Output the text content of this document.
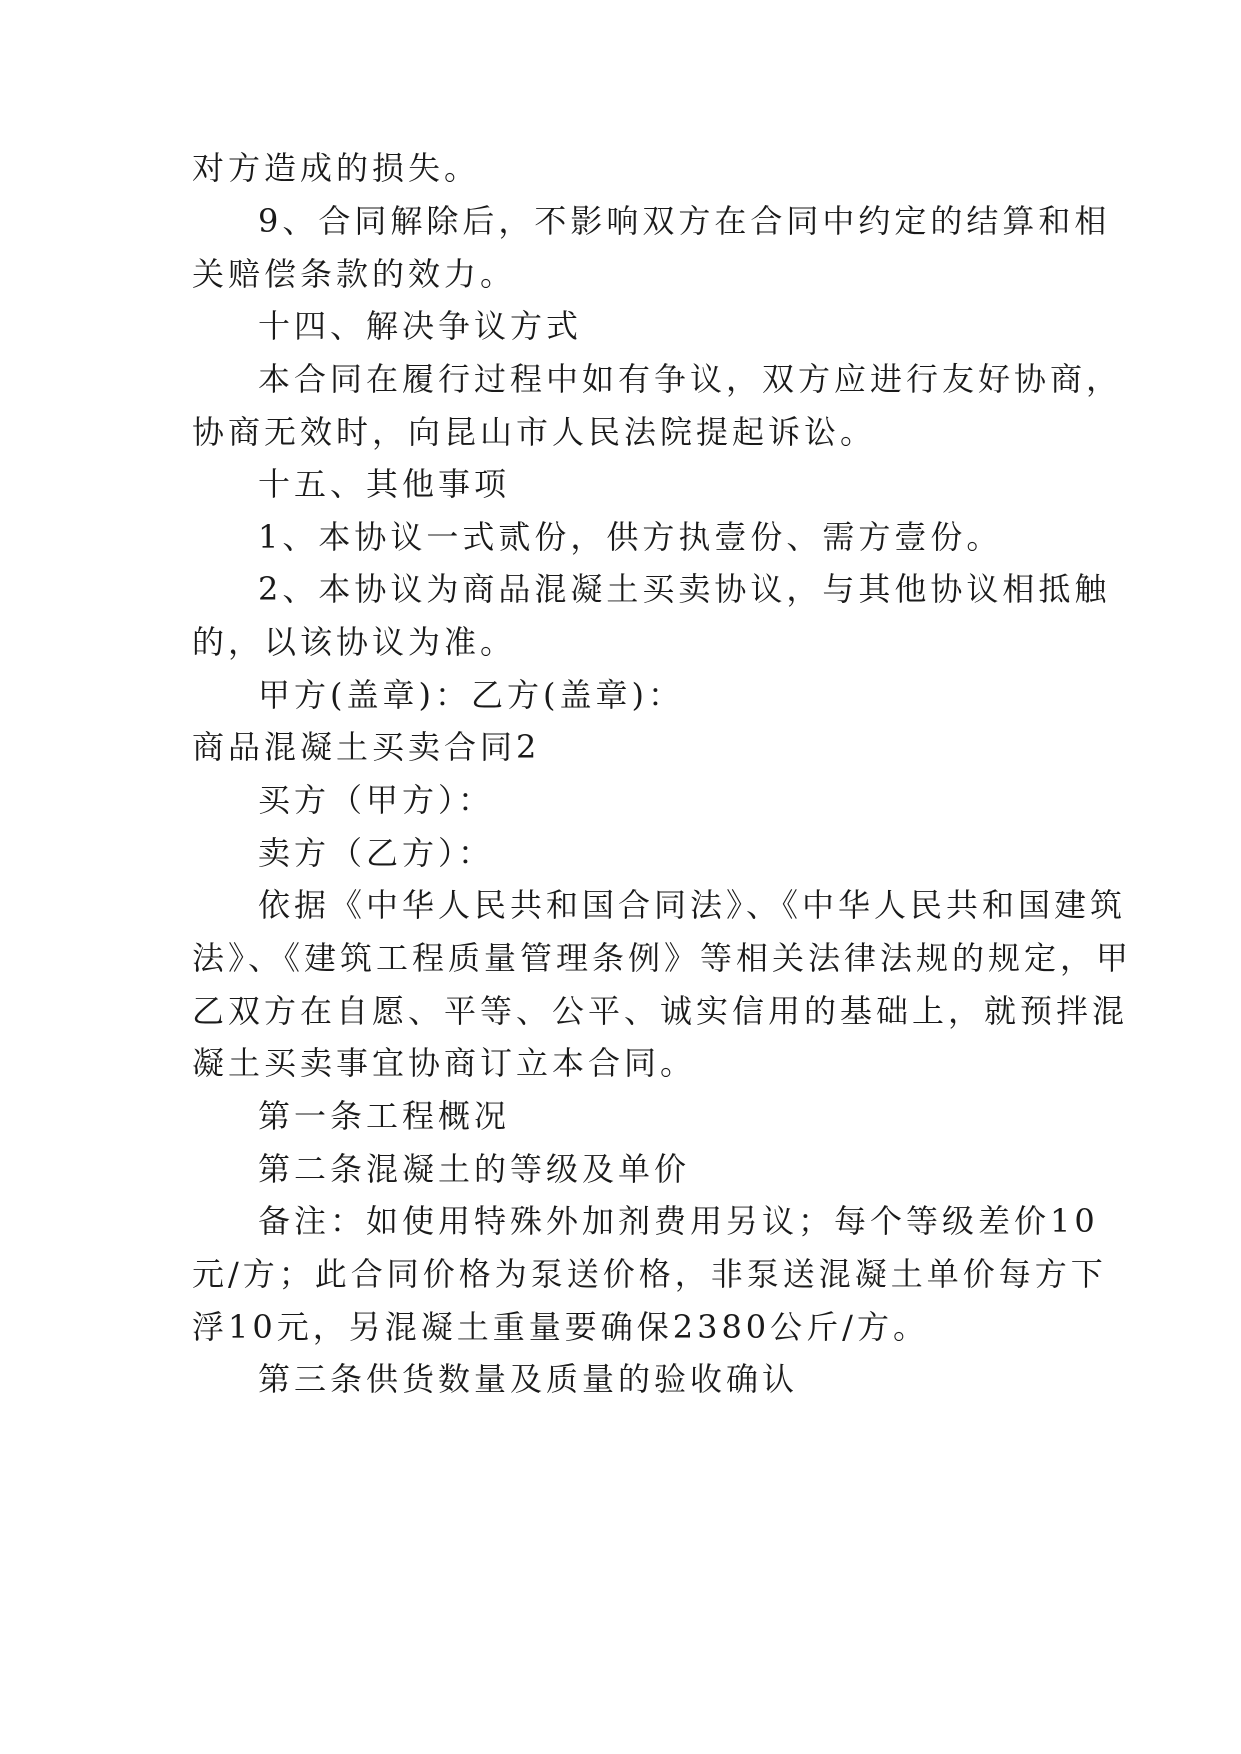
对方造成的损失。
9、合同解除后，不影响双方在合同中约定的结算和相
关赔偿条款的效力。
十四、解决争议方式
本合同在履行过程中如有争议，双方应进行友好协商，
协商无效时，向昆山市人民法院提起诉讼。
十五、其他事项
1、本协议一式贰份，供方执壹份、需方壹份。
2、本协议为商品混凝土买卖协议，与其他协议相抵触
的，以该协议为准。
甲方(盖章)：乙方(盖章)：
商品混凝土买卖合同2
买方（甲方）：
卖方（乙方）：
依据《中华人民共和国合同法》、《中华人民共和国建筑
法》、《建筑工程质量管理条例》等相关法律法规的规定，甲
乙双方在自愿、平等、公平、诚实信用的基础上，就预拌混
凝土买卖事宜协商订立本合同。
第一条工程概况
第二条混凝土的等级及单价
备注：如使用特殊外加剂费用另议；每个等级差价10
元/方；此合同价格为泵送价格，非泵送混凝土单价每方下
浮10元，另混凝土重量要确保2380公斤/方。
第三条供货数量及质量的验收确认
